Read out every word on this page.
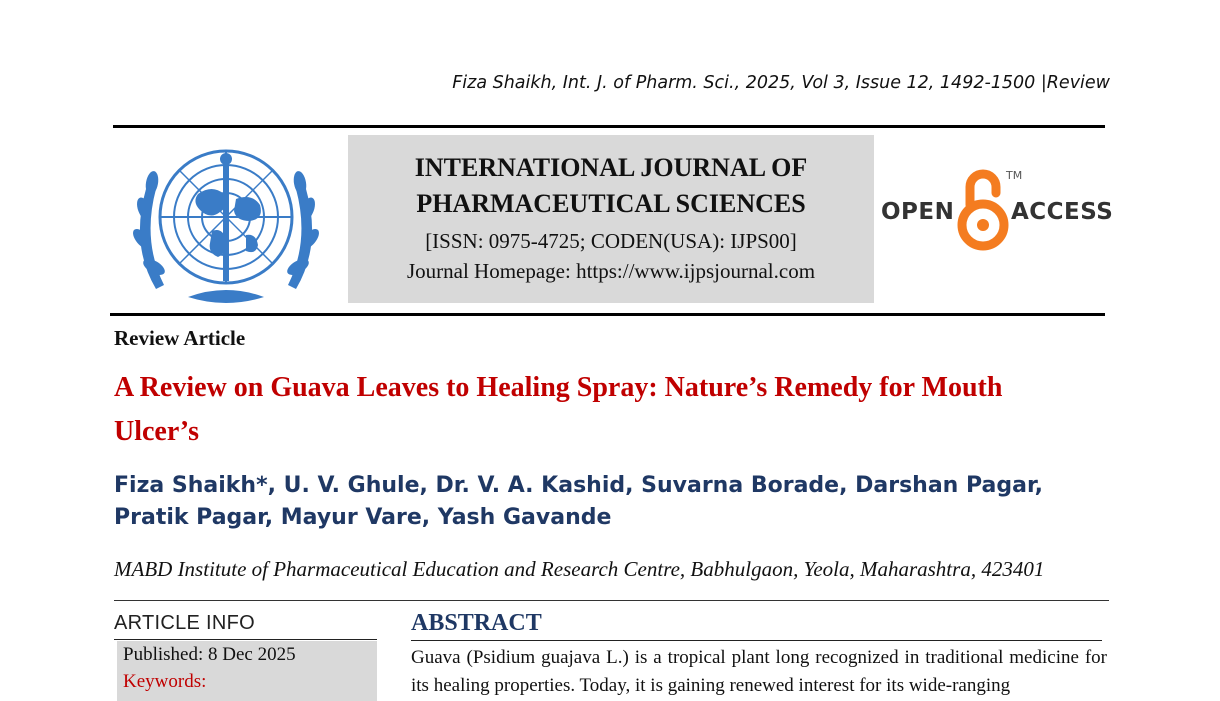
Fiza Shaikh, Int. J. of Pharm. Sci., 2025, Vol 3, Issue 12, 1492-1500 |Review
INTERNATIONAL JOURNAL OF
PHARMACEUTICAL SCIENCES
[ISSN: 0975-4725; CODEN(USA): IJPS00]
Journal Homepage: https://www.ijpsjournal.com
OPEN
TM
ACCESS
Review Article
A Review on Guava Leaves to Healing Spray: Nature’s Remedy for Mouth Ulcer’s
Fiza Shaikh*, U. V. Ghule, Dr. V. A. Kashid, Suvarna Borade, Darshan Pagar, Pratik Pagar, Mayur Vare, Yash Gavande
MABD Institute of Pharmaceutical Education and Research Centre, Babhulgaon, Yeola, Maharashtra, 423401
ARTICLE INFO
Published: 8 Dec 2025
Keywords:
ABSTRACT
Guava (Psidium guajava L.) is a tropical plant long recognized in traditional medicine for its healing properties. Today, it is gaining renewed interest for its wide-ranging
